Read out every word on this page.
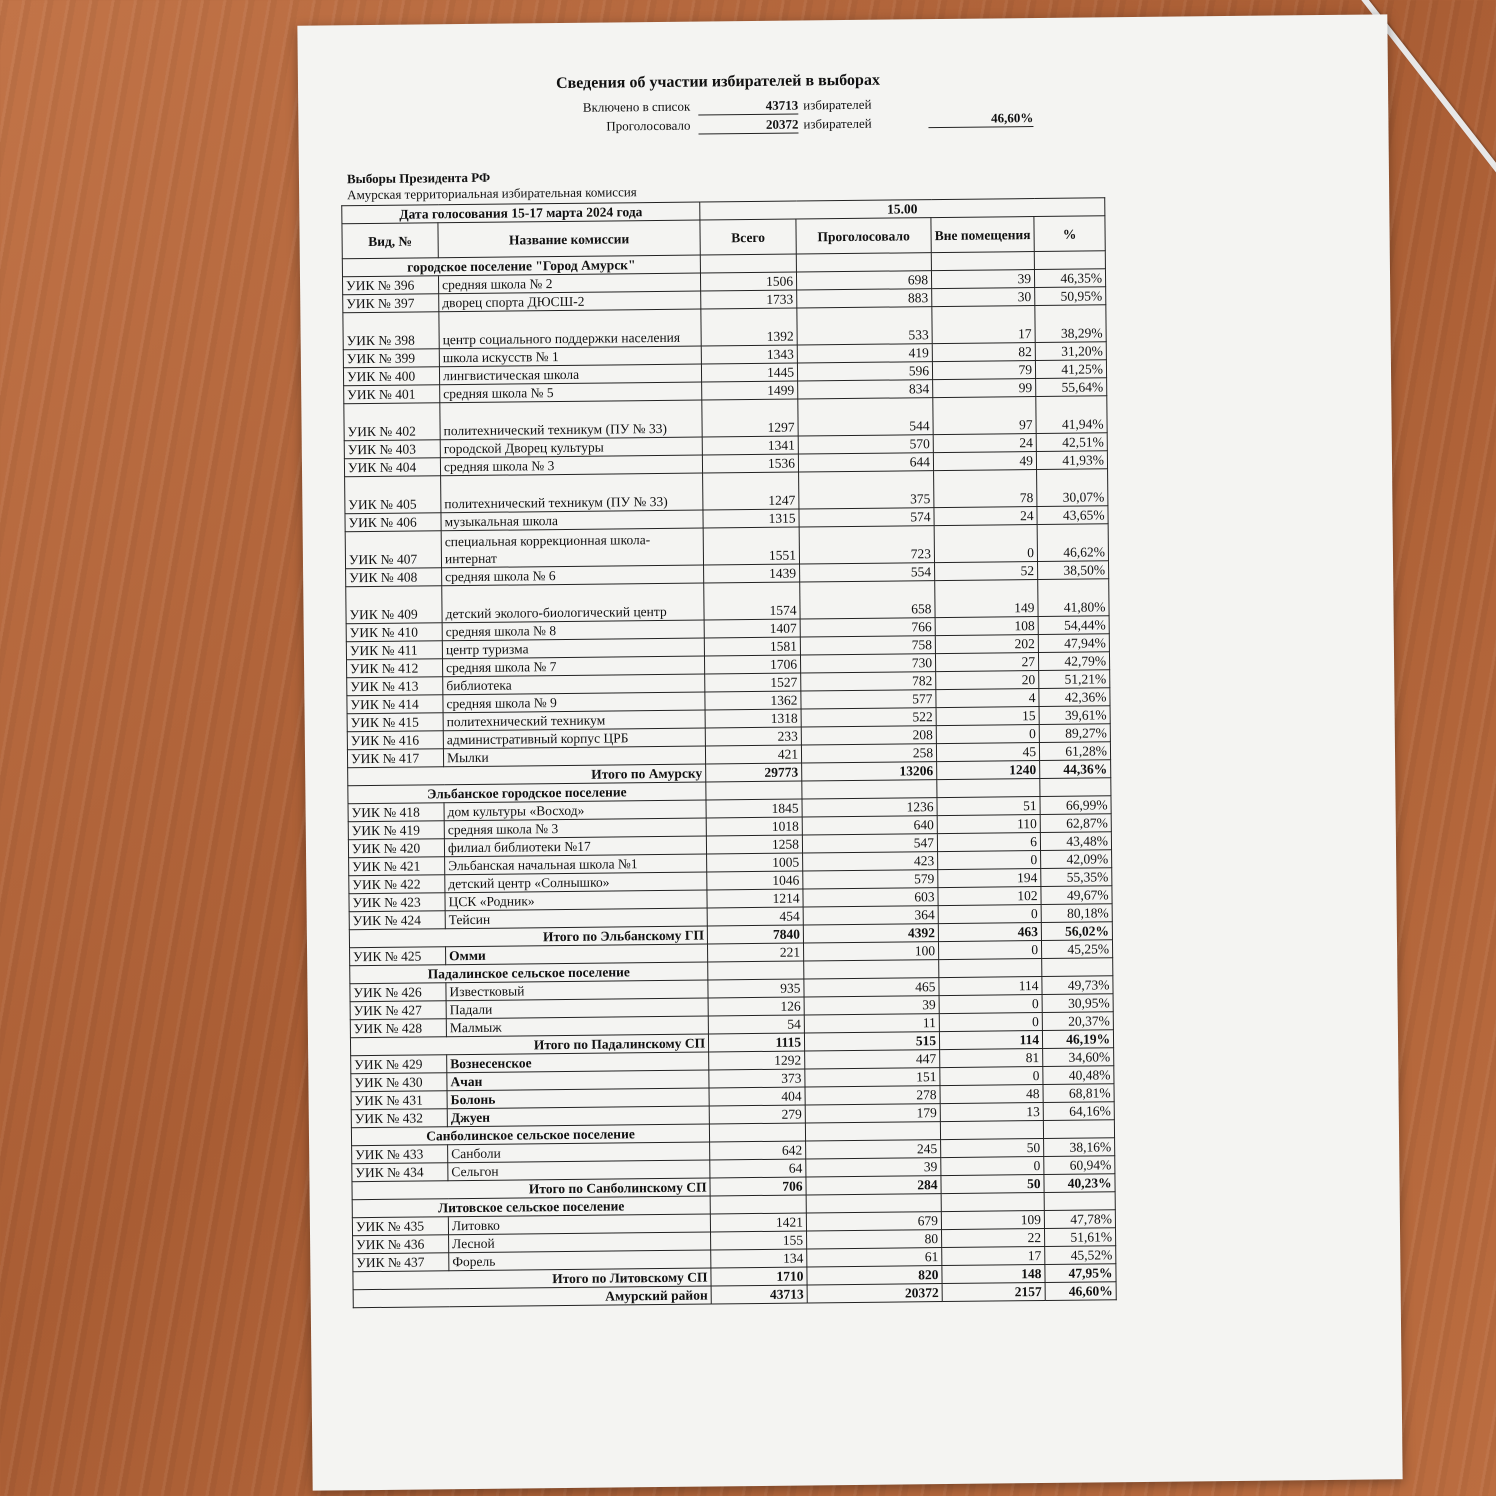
Сведения об участии избирателей в выборах
Включено в список	43713 избирателей
Проголосовало	20372 избирателей	46,60%
Выборы Президента РФ
Амурская территориальная избирательная комиссия
Дата голосования 15-17 марта 2024 года		15.00			
Вид, №	Название комиссии	Всего	Проголосовало	Вне помещения	%
городское поселение "Город Амурск"					
УИК № 396	средняя школа № 2	1506	698	39	46,35%
УИК № 397	дворец спорта ДЮСШ-2	1733	883	30	50,95%
УИК № 398	центр социального поддержки населения	1392	533	17	38,29%
УИК № 399	школа искусств № 1	1343	419	82	31,20%
УИК № 400	лингвистическая школа	1445	596	79	41,25%
УИК № 401	средняя школа № 5	1499	834	99	55,64%
УИК № 402	политехнический техникум (ПУ № 33)	1297	544	97	41,94%
УИК № 403	городской Дворец культуры	1341	570	24	42,51%
УИК № 404	средняя школа № 3	1536	644	49	41,93%
УИК № 405	политехнический техникум (ПУ № 33)	1247	375	78	30,07%
УИК № 406	музыкальная школа	1315	574	24	43,65%
УИК № 407	специальная коррекционная школа-интернат	1551	723	0	46,62%
УИК № 408	средняя школа № 6	1439	554	52	38,50%
УИК № 409	детский эколого-биологический центр	1574	658	149	41,80%
УИК № 410	средняя школа № 8	1407	766	108	54,44%
УИК № 411	центр туризма	1581	758	202	47,94%
УИК № 412	средняя школа № 7	1706	730	27	42,79%
УИК № 413	библиотека	1527	782	20	51,21%
УИК № 414	средняя школа № 9	1362	577	4	42,36%
УИК № 415	политехнический техникум	1318	522	15	39,61%
УИК № 416	административный корпус ЦРБ	233	208	0	89,27%
УИК № 417	Мылки	421	258	45	61,28%
Итого по Амурску		29773	13206	1240	44,36%
Эльбанское городское поселение					
УИК № 418	дом культуры «Восход»	1845	1236	51	66,99%
УИК № 419	средняя школа № 3	1018	640	110	62,87%
УИК № 420	филиал библиотеки №17	1258	547	6	43,48%
УИК № 421	Эльбанская начальная школа №1	1005	423	0	42,09%
УИК № 422	детский центр «Солнышко»	1046	579	194	55,35%
УИК № 423	ЦСК «Родник»	1214	603	102	49,67%
УИК № 424	Тейсин	454	364	0	80,18%
Итого по Эльбанскому ГП		7840	4392	463	56,02%
УИК № 425	Омми	221	100	0	45,25%
Падалинское сельское поселение					
УИК № 426	Известковый	935	465	114	49,73%
УИК № 427	Падали	126	39	0	30,95%
УИК № 428	Малмыж	54	11	0	20,37%
Итого по Падалинскому СП		1115	515	114	46,19%
УИК № 429	Вознесенское	1292	447	81	34,60%
УИК № 430	Ачан	373	151	0	40,48%
УИК № 431	Болонь	404	278	48	68,81%
УИК № 432	Джуен	279	179	13	64,16%
Санболинское сельское поселение					
УИК № 433	Санболи	642	245	50	38,16%
УИК № 434	Сельгон	64	39	0	60,94%
Итого по Санболинскому СП		706	284	50	40,23%
Литовское сельское поселение					
УИК № 435	Литовко	1421	679	109	47,78%
УИК № 436	Лесной	155	80	22	51,61%
УИК № 437	Форель	134	61	17	45,52%
Итого по Литовскому СП		1710	820	148	47,95%
Амурский район		43713	20372	2157	46,60%
